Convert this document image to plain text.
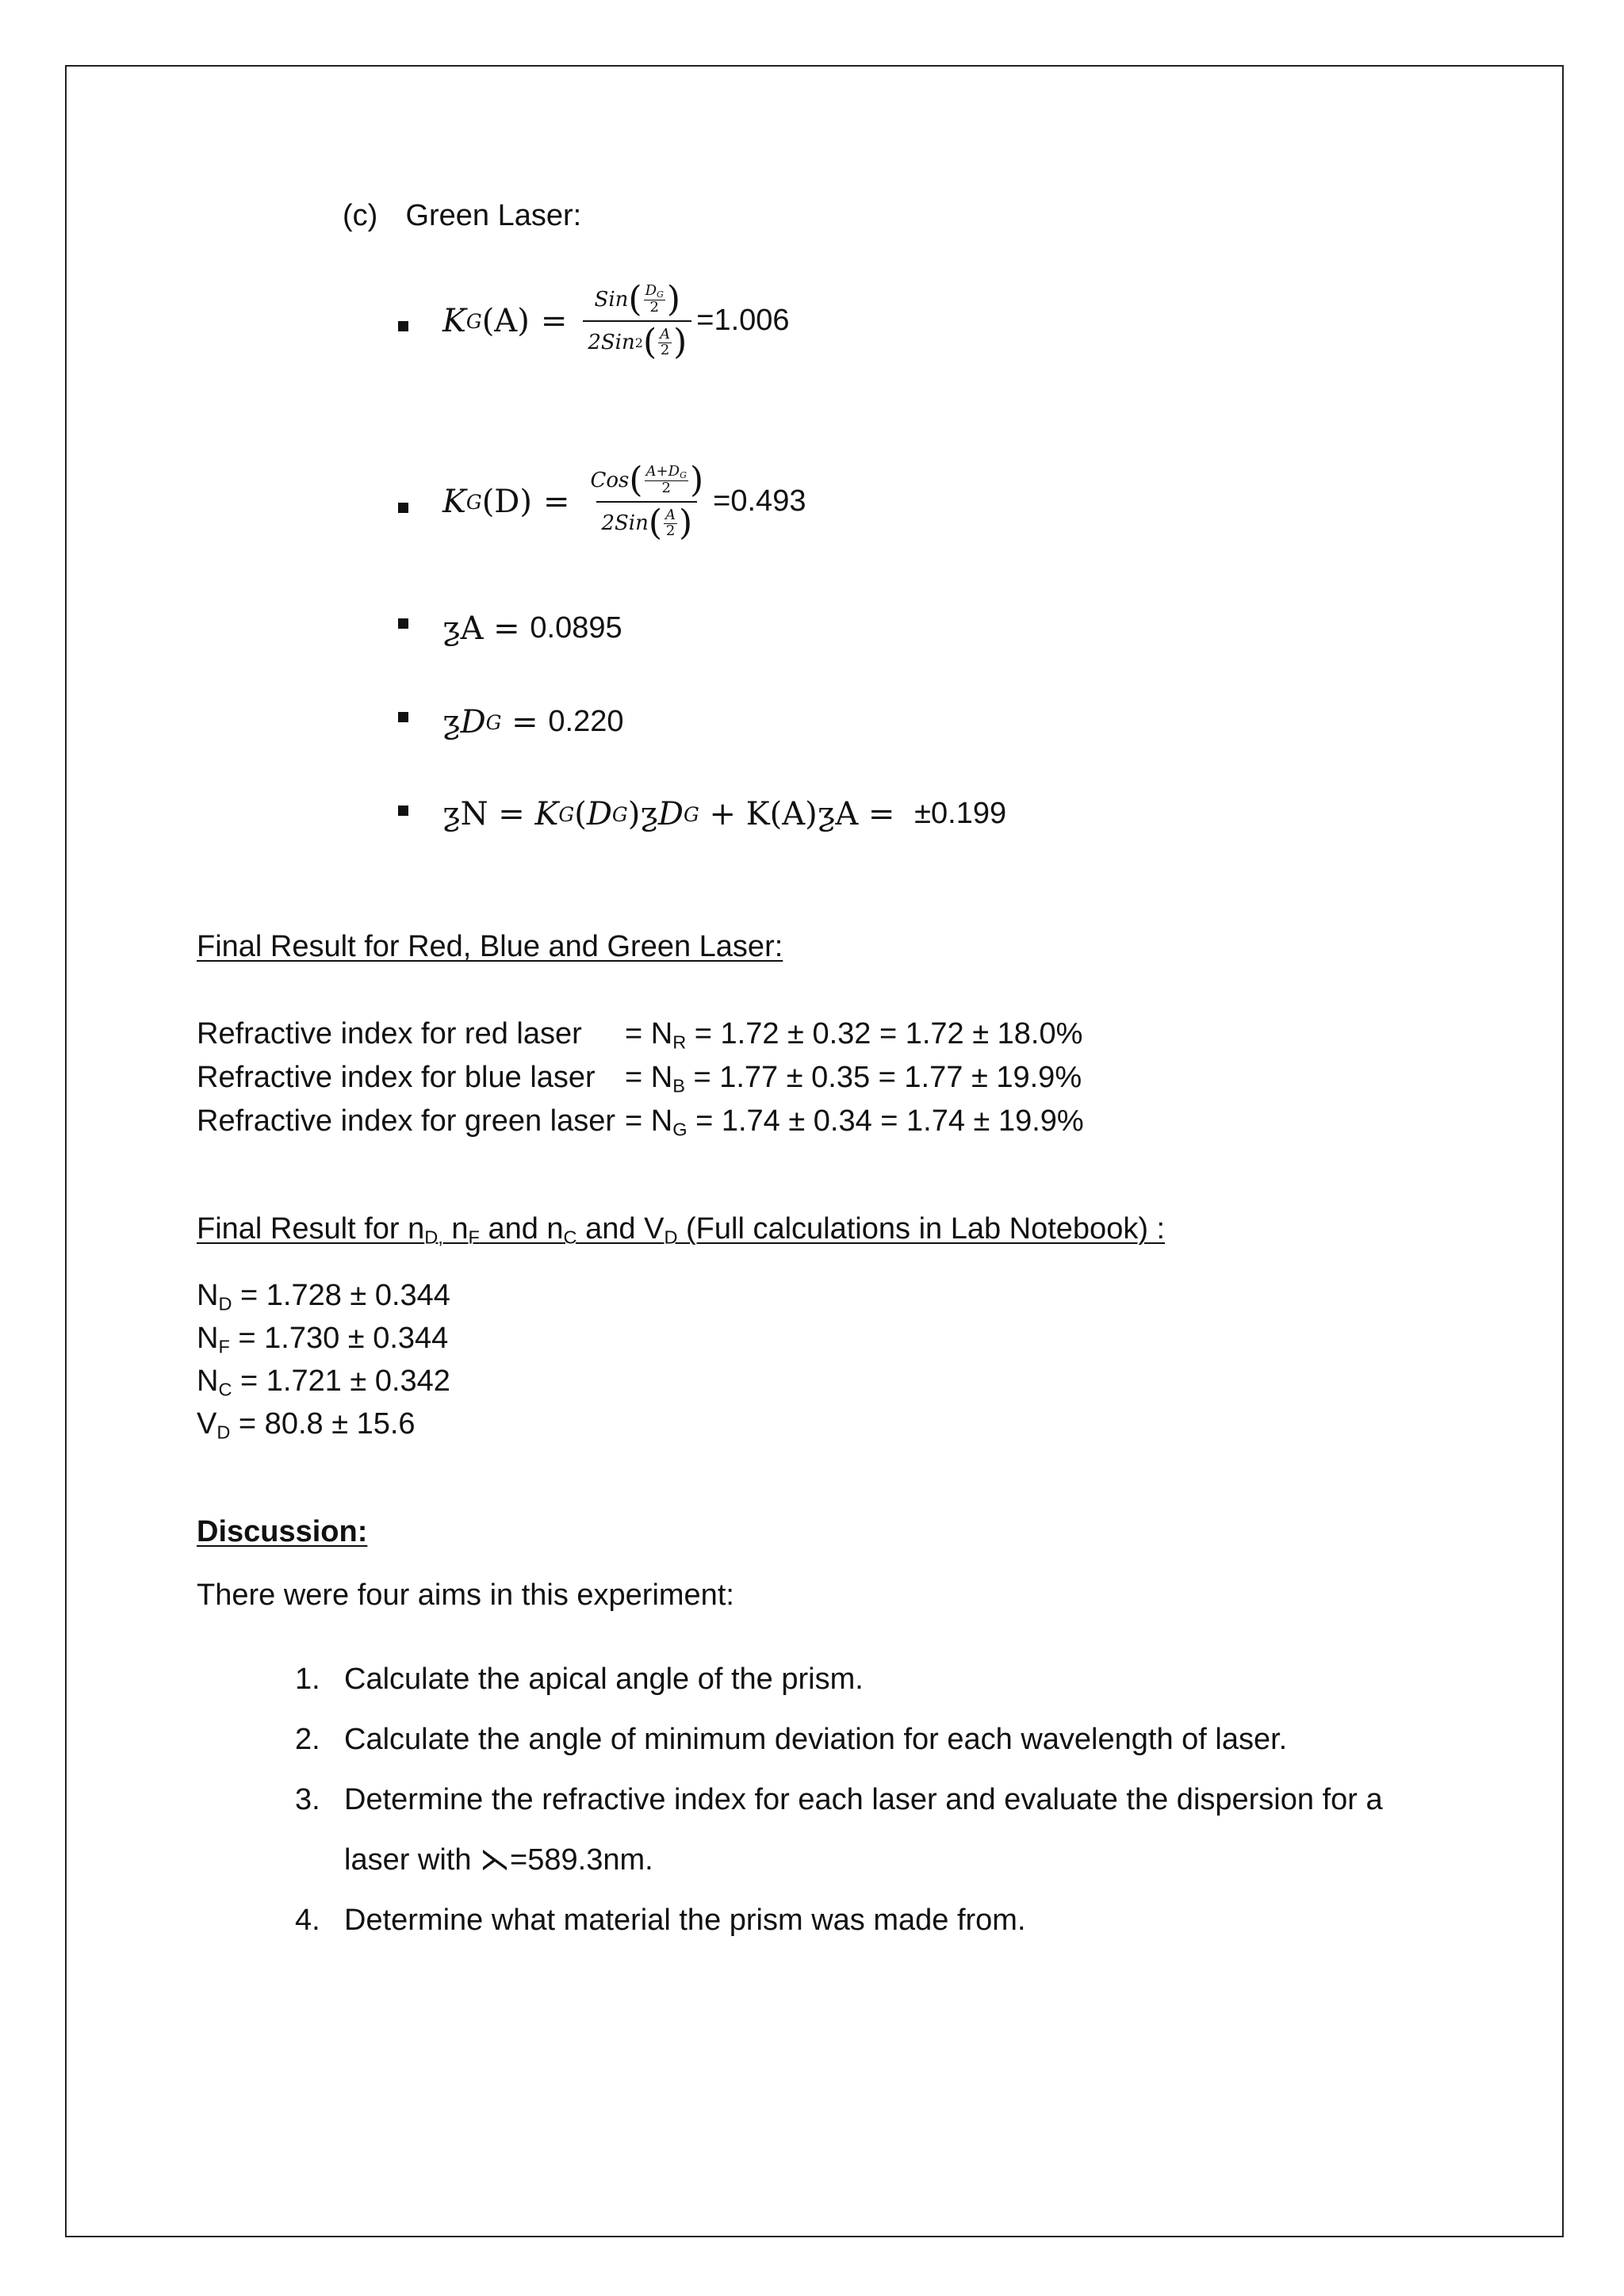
(c) Green Laser:
K G $(A) = \frac{Sin ( \frac{D_G}{2} )}{2Sin 2 ( \frac{A}{2} )} =1.006$
K G $(D) = \frac{Cos ( \frac{A+D_G}{2} )}{2Sin ( \frac{A}{2} )} =0.493$
ƺ A = 0.0895
ƺ D G = 0.220
ƺ N = K G ( D G ) ƺ D G + K(A) ƺ A = ±0.199
Final Result for Red, Blue and Green Laser:
Refractive index for red laser = $N_R = 1.72 \pm 0.32 = 1.72 \pm 18.0\%$
Refractive index for blue laser = $N_B = 1.77 \pm 0.35 = 1.77 \pm 19.9\%$
Refractive index for green laser = $N_G = 1.74 \pm 0.34 = 1.74 \pm 19.9\%$
Final Result for $n_{D,}$ $n_F$ and $n_C$ and $V_D$ (Full calculations in Lab Notebook) :
$N_D = 1.728 \pm 0.344$
$N_F = 1.730 \pm 0.344$
$N_C = 1.721 \pm 0.342$
$V_D = 80.8 \pm 15.6$
Discussion:
There were four aims in this experiment:
1. Calculate the apical angle of the prism.
2. Calculate the angle of minimum deviation for each wavelength of laser.
3. Determine the refractive index for each laser and evaluate the dispersion for a
laser with ⋋=589.3nm.
4. Determine what material the prism was made from.
